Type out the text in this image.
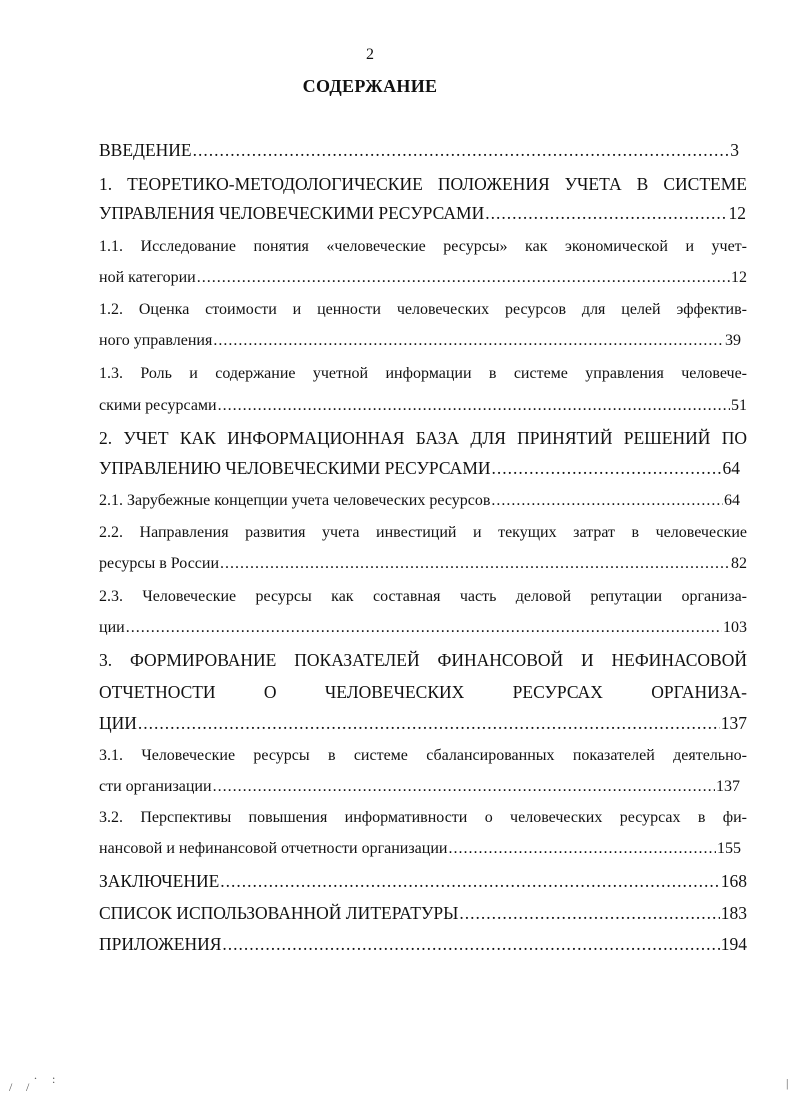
2
СОДЕРЖАНИЕ
ВВЕДЕНИЕ .....	3
1. ТЕОРЕТИКО-МЕТОДОЛОГИЧЕСКИЕ ПОЛОЖЕНИЯ УЧЕТА В СИСТЕМЕ
УПРАВЛЕНИЯ ЧЕЛОВЕЧЕСКИМИ РЕСУРСАМИ .....	12
1.1. Исследование понятия «человеческие ресурсы» как экономической и учет-
ной категории .....	12
1.2. Оценка стоимости и ценности человеческих ресурсов для целей эффектив-
ного управления .....	39
1.3. Роль и содержание учетной информации в системе управления человече-
скими ресурсами .....	51
2. УЧЕТ КАК ИНФОРМАЦИОННАЯ БАЗА ДЛЯ ПРИНЯТИЙ РЕШЕНИЙ ПО
УПРАВЛЕНИЮ ЧЕЛОВЕЧЕСКИМИ РЕСУРСАМИ .....	64
2.1. Зарубежные концепции учета человеческих ресурсов .....	64
2.2. Направления развития учета инвестиций и текущих затрат в человеческие
ресурсы в России .....	82
2.3. Человеческие ресурсы как составная часть деловой репутации организа-
ции .....	103
3. ФОРМИРОВАНИЕ ПОКАЗАТЕЛЕЙ ФИНАНСОВОЙ И НЕФИНАСОВОЙ
ОТЧЕТНОСТИ	О	ЧЕЛОВЕЧЕСКИХ	РЕСУРСАХ	ОРГАНИЗА-
ЦИИ .....	137
3.1. Человеческие ресурсы в системе сбалансированных показателей деятельно-
сти организации .....	137
3.2. Перспективы повышения информативности о человеческих ресурсах в фи-
нансовой и нефинансовой отчетности организации .....	155
ЗАКЛЮЧЕНИЕ .....	168
СПИСОК ИСПОЛЬЗОВАННОЙ ЛИТЕРАТУРЫ .....	183
ПРИЛОЖЕНИЯ .....	194
. :
/ /	|
